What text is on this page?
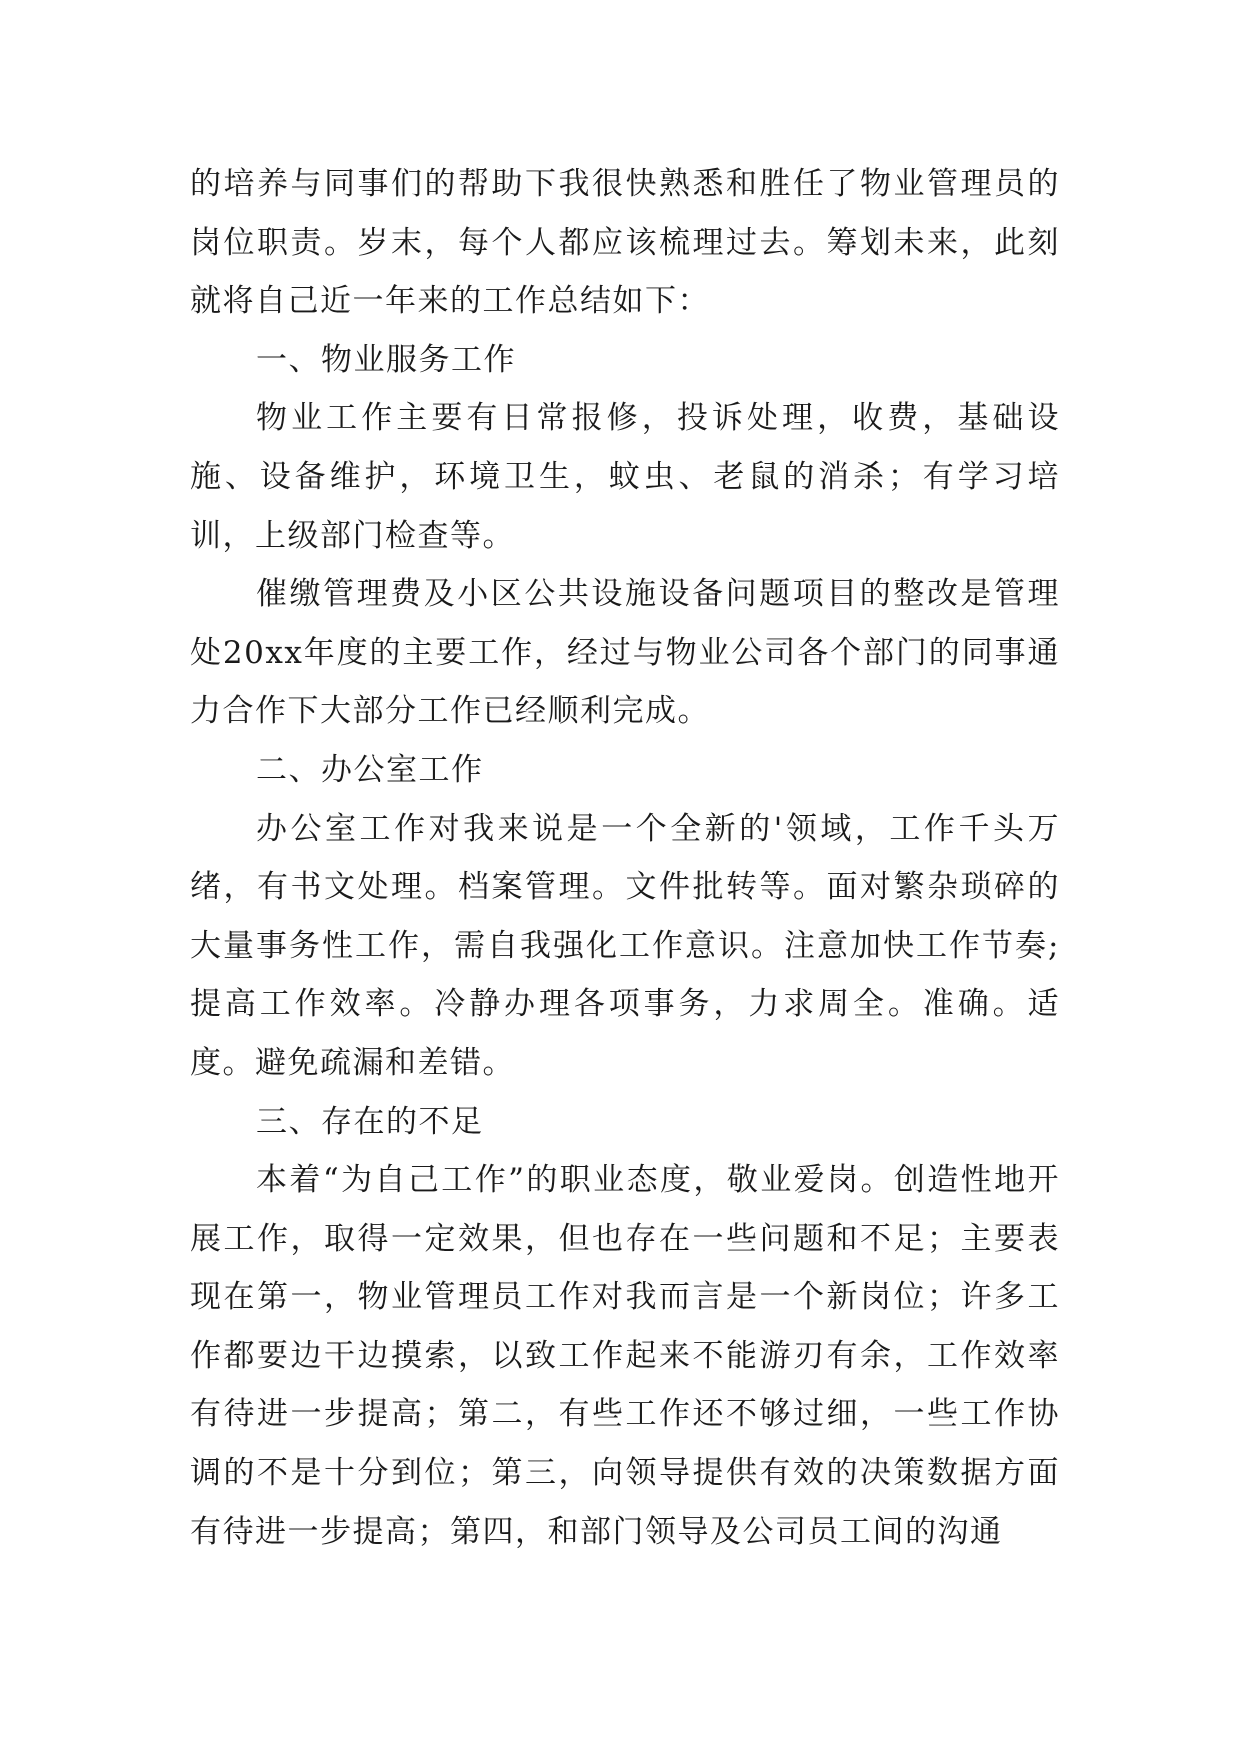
的培养与同事们的帮助下我很快熟悉和胜任了物业管理员的岗位职责。岁末，每个人都应该梳理过去。筹划未来，此刻就将自己近一年来的工作总结如下：

一、物业服务工作

物业工作主要有日常报修，投诉处理，收费，基础设施、设备维护，环境卫生，蚊虫、老鼠的消杀；有学习培训，上级部门检查等。

催缴管理费及小区公共设施设备问题项目的整改是管理处20xx年度的主要工作，经过与物业公司各个部门的同事通力合作下大部分工作已经顺利完成。

二、办公室工作

办公室工作对我来说是一个全新的'领域，工作千头万绪，有书文处理。档案管理。文件批转等。面对繁杂琐碎的大量事务性工作，需自我强化工作意识。注意加快工作节奏;提高工作效率。冷静办理各项事务，力求周全。准确。适度。避免疏漏和差错。

三、存在的不足

本着“为自己工作”的职业态度，敬业爱岗。创造性地开展工作，取得一定效果，但也存在一些问题和不足；主要表现在第一，物业管理员工作对我而言是一个新岗位；许多工作都要边干边摸索，以致工作起来不能游刃有余，工作效率有待进一步提高；第二，有些工作还不够过细，一些工作协调的不是十分到位；第三，向领导提供有效的决策数据方面有待进一步提高；第四，和部门领导及公司员工间的沟通
